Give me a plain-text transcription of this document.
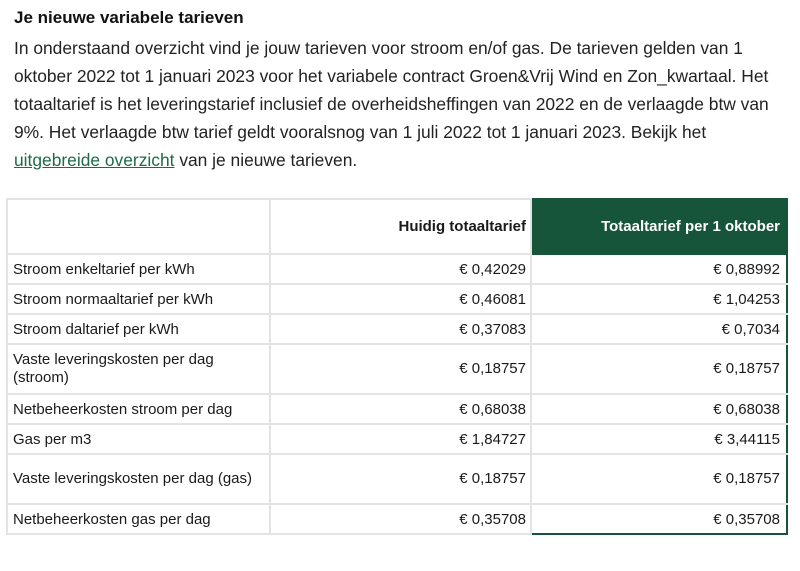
Je nieuwe variabele tarieven
In onderstaand overzicht vind je jouw tarieven voor stroom en/of gas. De tarieven gelden van 1 oktober 2022 tot 1 januari 2023 voor het variabele contract Groen&Vrij Wind en Zon_kwartaal. Het totaaltarief is het leveringstarief inclusief de overheidsheffingen van 2022 en de verlaagde btw van 9%. Het verlaagde btw tarief geldt vooralsnog van 1 juli 2022 tot 1 januari 2023. Bekijk het uitgebreide overzicht van je nieuwe tarieven.
	Huidig totaaltarief	Totaaltarief per 1 oktober
Stroom enkeltarief per kWh	€ 0,42029	€ 0,88992
Stroom normaaltarief per kWh	€ 0,46081	€ 1,04253
Stroom daltarief per kWh	€ 0,37083	€ 0,7034
Vaste leveringskosten per dag (stroom)	€ 0,18757	€ 0,18757
Netbeheerkosten stroom per dag	€ 0,68038	€ 0,68038
Gas per m3	€ 1,84727	€ 3,44115
Vaste leveringskosten per dag (gas)	€ 0,18757	€ 0,18757
Netbeheerkosten gas per dag	€ 0,35708	€ 0,35708
